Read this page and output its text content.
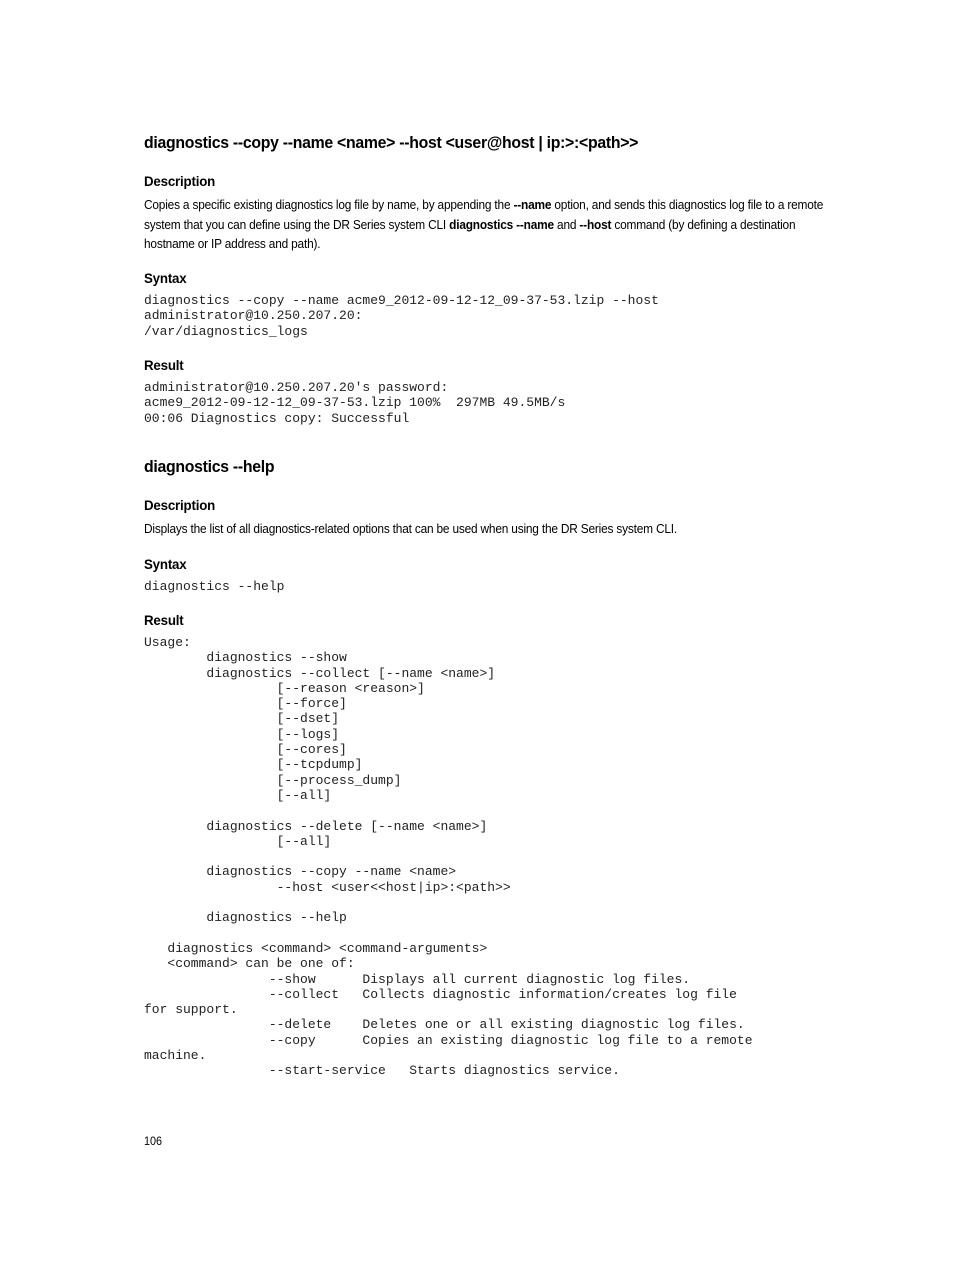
diagnostics --copy --name <name> --host <user@host | ip:>:<path>>
Description
Copies a specific existing diagnostics log file by name, by appending the --name option, and sends this diagnostics log file to a remote system that you can define using the DR Series system CLI diagnostics --name and --host command (by defining a destination hostname or IP address and path).
Syntax
diagnostics --copy --name acme9_2012-09-12-12_09-37-53.lzip --host
administrator@10.250.207.20:
/var/diagnostics_logs
Result
administrator@10.250.207.20's password:
acme9_2012-09-12-12_09-37-53.lzip 100%  297MB 49.5MB/s
00:06 Diagnostics copy: Successful
diagnostics --help
Description
Displays the list of all diagnostics-related options that can be used when using the DR Series system CLI.
Syntax
diagnostics --help
Result
Usage:
diagnostics --show
diagnostics --collect [--name <name>]
[--reason <reason>]
[--force]
[--dset]
[--logs]
[--cores]
[--tcpdump]
[--process_dump]
[--all]

diagnostics --delete [--name <name>]
[--all]

diagnostics --copy --name <name>
--host <user<<host|ip>:<path>>

diagnostics --help

diagnostics <command> <command-arguments>
<command> can be one of:
--show      Displays all current diagnostic log files.
--collect   Collects diagnostic information/creates log file
for support.
--delete    Deletes one or all existing diagnostic log files.
--copy      Copies an existing diagnostic log file to a remote
machine.
--start-service   Starts diagnostics service.
106
